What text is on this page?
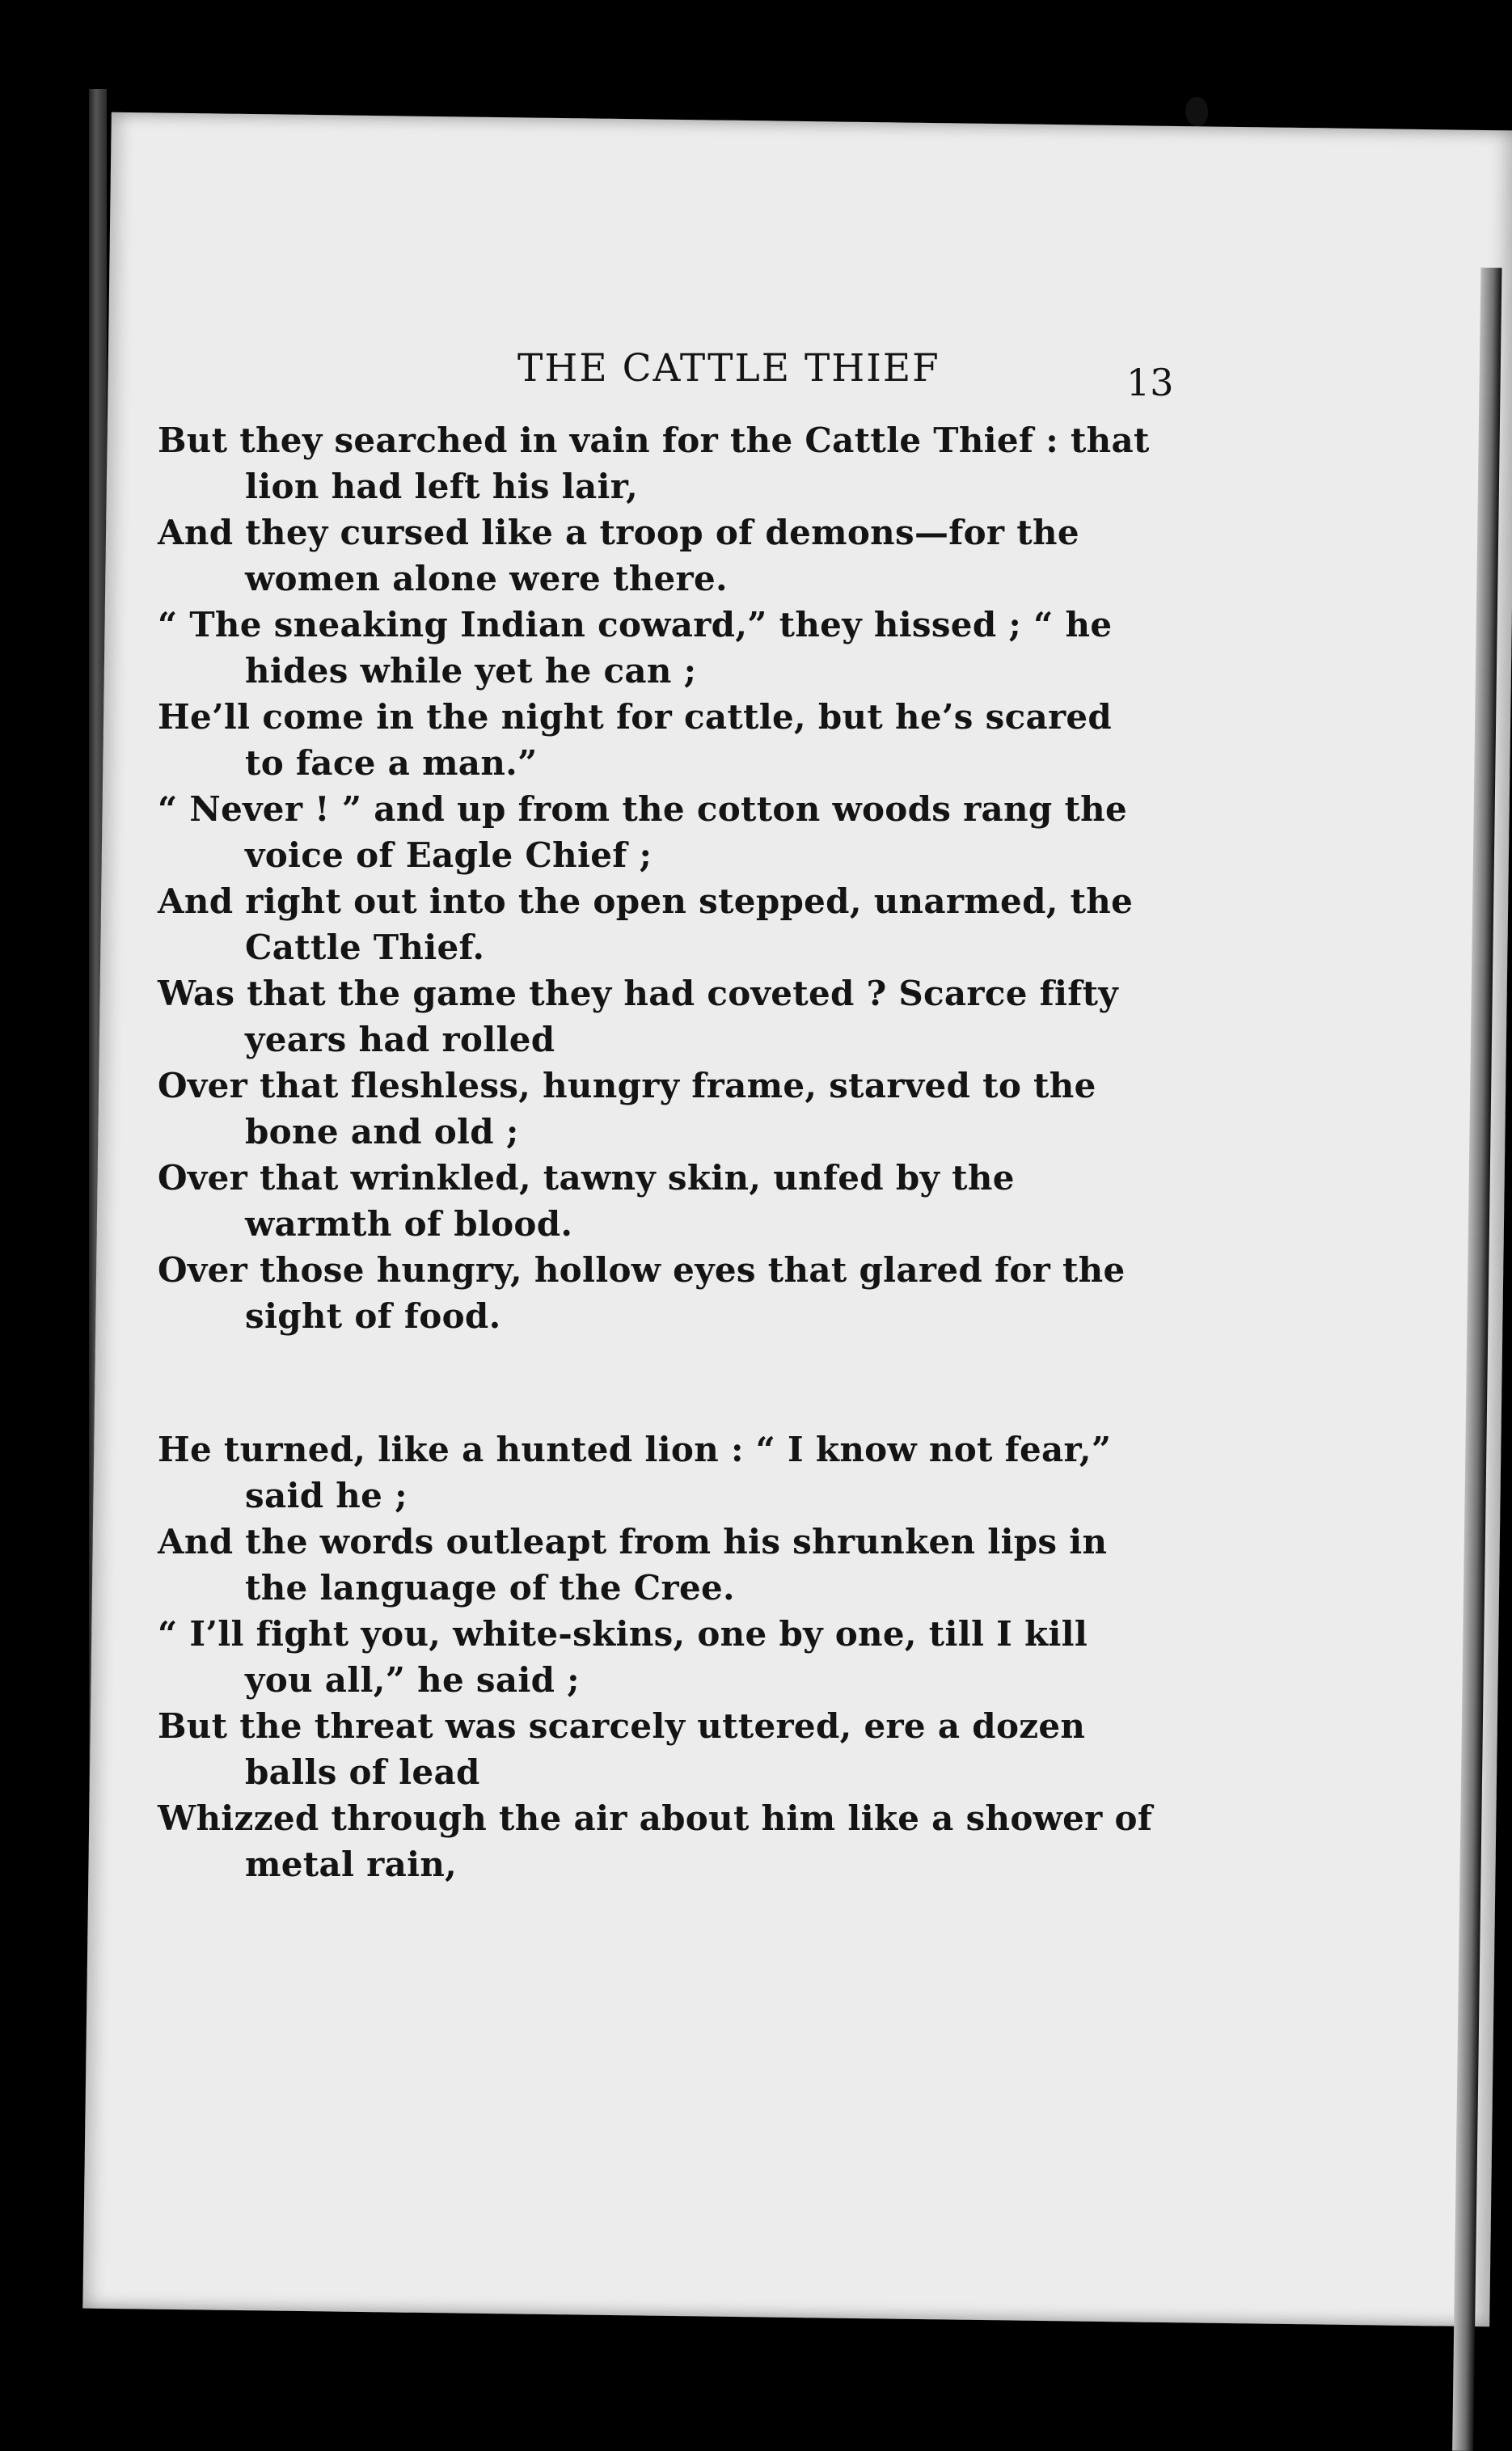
THE CATTLE THIEF	13

But they searched in vain for the Cattle Thief : that lion had left his lair,

And they cursed like a troop of demons—for the women alone were there.

“ The sneaking Indian coward,” they hissed ; “ he hides while yet he can ;

He’ll come in the night for cattle, but he’s scared to face a man.”

“ Never ! ” and up from the cotton woods rang the voice of Eagle Chief ;

And right out into the open stepped, unarmed, the Cattle Thief.

Was that the game they had coveted ? Scarce fifty years had rolled

Over that fleshless, hungry frame, starved to the bone and old ;

Over that wrinkled, tawny skin, unfed by the warmth of blood.

Over those hungry, hollow eyes that glared for the sight of food.

He turned, like a hunted lion : “ I know not fear,” said he ;

And the words outleapt from his shrunken lips in the language of the Cree.

“ I’ll fight you, white-skins, one by one, till I kill you all,” he said ;

But the threat was scarcely uttered, ere a dozen balls of lead

Whizzed through the air about him like a shower of metal rain,
